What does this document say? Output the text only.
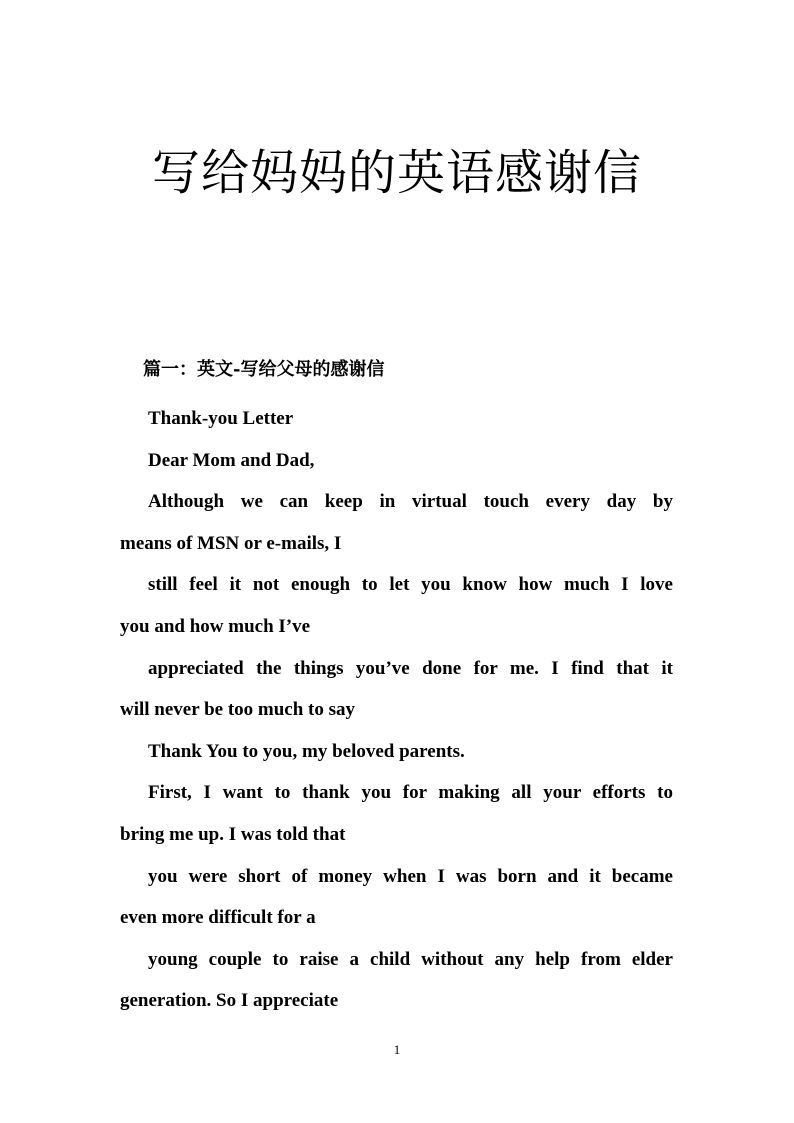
写给妈妈的英语感谢信
篇一：英文-写给父母的感谢信
Thank-you Letter
Dear Mom and Dad,
Although we can keep in virtual touch every day by
means of MSN or e-mails, I
still feel it not enough to let you know how much I love
you and how much I’ve
appreciated the things you’ve done for me. I find that it
will never be too much to say
Thank You to you, my beloved parents.
First, I want to thank you for making all your efforts to
bring me up. I was told that
you were short of money when I was born and it became
even more difficult for a
young couple to raise a child without any help from elder
generation. So I appreciate
1
